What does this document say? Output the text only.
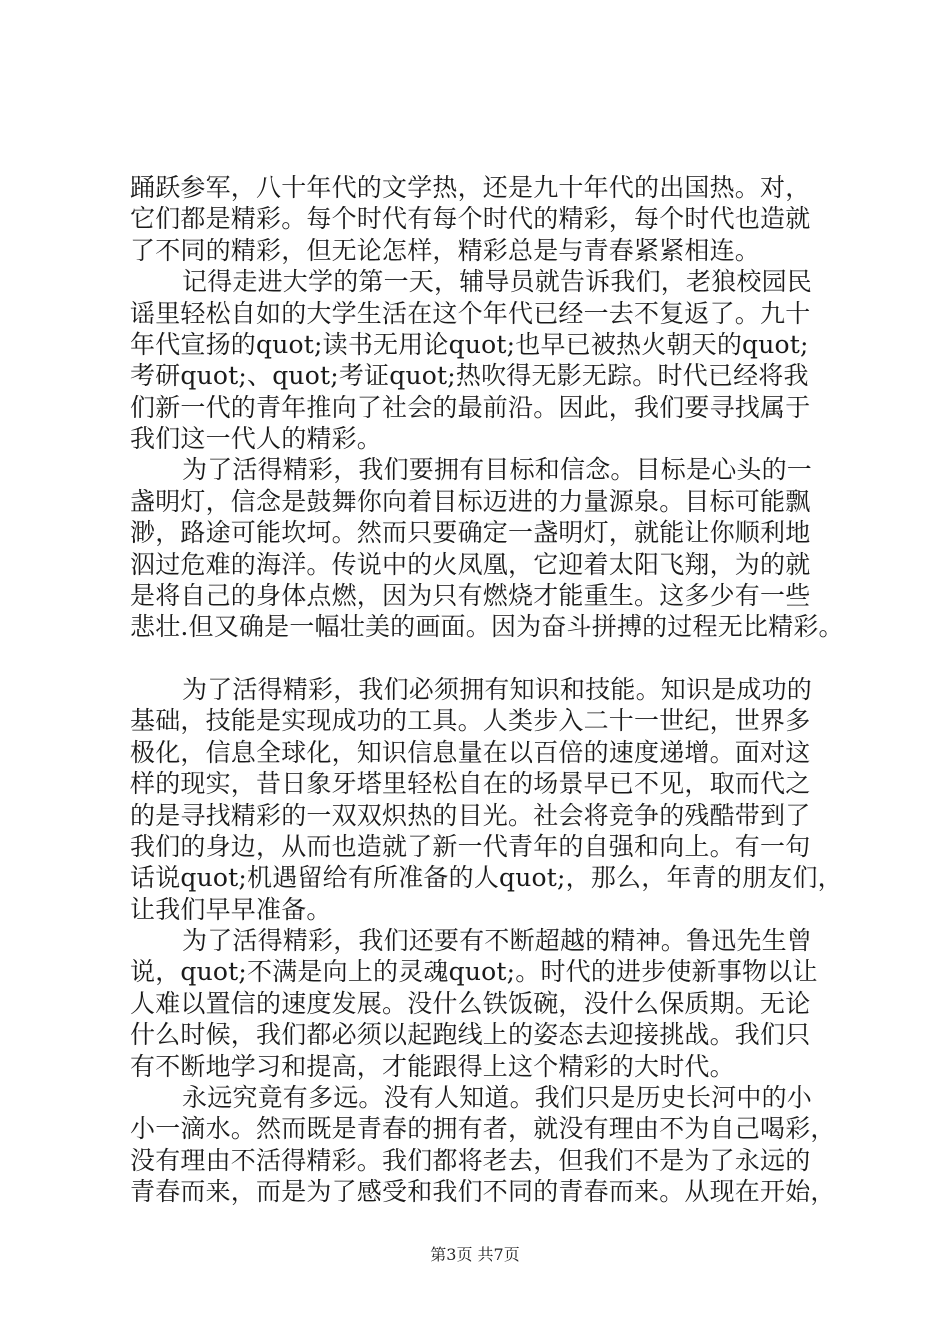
踊跃参军，八十年代的文学热，还是九十年代的出国热。对，
它们都是精彩。每个时代有每个时代的精彩，每个时代也造就
了不同的精彩，但无论怎样，精彩总是与青春紧紧相连。
记得走进大学的第一天，辅导员就告诉我们，老狼校园民
谣里轻松自如的大学生活在这个年代已经一去不复返了。九十
年代宣扬的quot;读书无用论quot;也早已被热火朝天的quot;
考研quot;、quot;考证quot;热吹得无影无踪。时代已经将我
们新一代的青年推向了社会的最前沿。因此，我们要寻找属于
我们这一代人的精彩。
为了活得精彩，我们要拥有目标和信念。目标是心头的一
盏明灯，信念是鼓舞你向着目标迈进的力量源泉。目标可能飘
渺，路途可能坎坷。然而只要确定一盏明灯，就能让你顺利地
泅过危难的海洋。传说中的火凤凰，它迎着太阳飞翔，为的就
是将自己的身体点燃，因为只有燃烧才能重生。这多少有一些
悲壮.但又确是一幅壮美的画面。因为奋斗拼搏的过程无比精彩。
为了活得精彩，我们必须拥有知识和技能。知识是成功的
基础，技能是实现成功的工具。人类步入二十一世纪，世界多
极化，信息全球化，知识信息量在以百倍的速度递增。面对这
样的现实，昔日象牙塔里轻松自在的场景早已不见，取而代之
的是寻找精彩的一双双炽热的目光。社会将竞争的残酷带到了
我们的身边，从而也造就了新一代青年的自强和向上。有一句
话说quot;机遇留给有所准备的人quot;，那么，年青的朋友们，
让我们早早准备。
为了活得精彩，我们还要有不断超越的精神。鲁迅先生曾
说，quot;不满是向上的灵魂quot;。时代的进步使新事物以让
人难以置信的速度发展。没什么铁饭碗，没什么保质期。无论
什么时候，我们都必须以起跑线上的姿态去迎接挑战。我们只
有不断地学习和提高，才能跟得上这个精彩的大时代。
永远究竟有多远。没有人知道。我们只是历史长河中的小
小一滴水。然而既是青春的拥有者，就没有理由不为自己喝彩，
没有理由不活得精彩。我们都将老去，但我们不是为了永远的
青春而来，而是为了感受和我们不同的青春而来。从现在开始，
第3页 共7页
